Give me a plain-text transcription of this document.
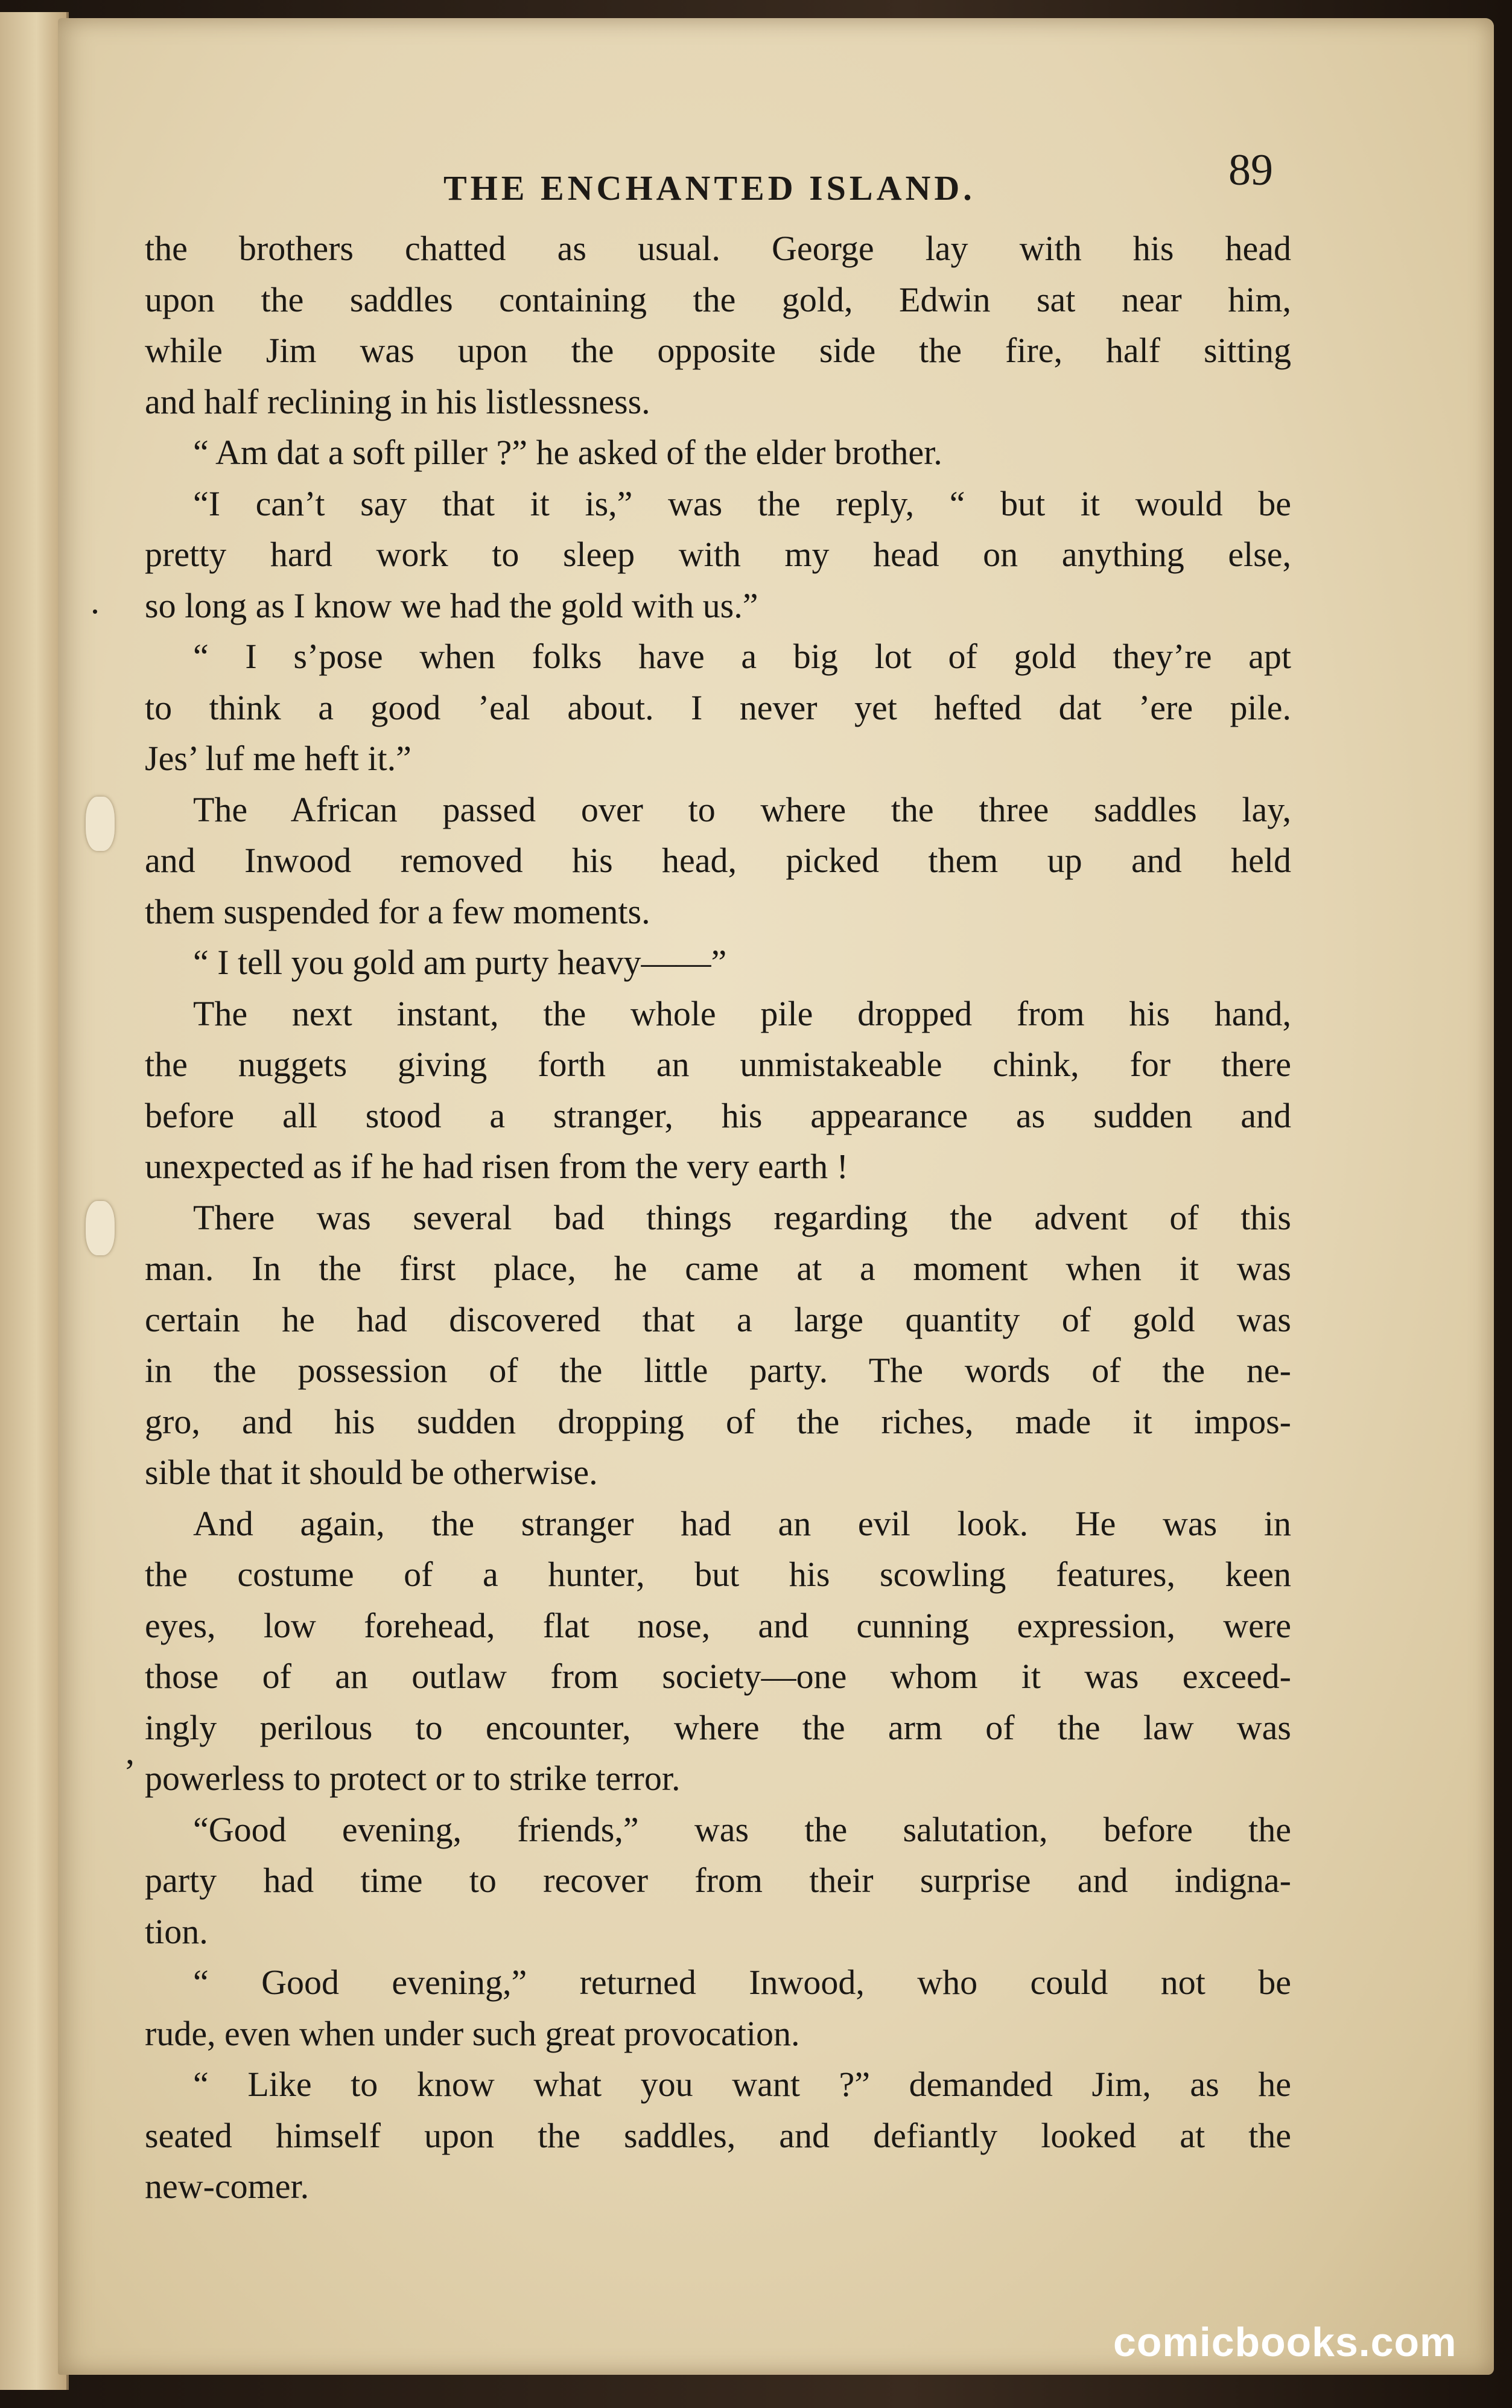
THE ENCHANTED ISLAND.	89
the brothers chatted as usual. George lay with his head
upon the saddles containing the gold, Edwin sat near him,
while Jim was upon the opposite side the fire, half sitting
and half reclining in his listlessness.
“ Am dat a soft piller ?” he asked of the elder brother.
“I can’t say that it is,” was the reply, “ but it would be
pretty hard work to sleep with my head on anything else,
so long as I know we had the gold with us.”
“ I s’pose when folks have a big lot of gold they’re apt
to think a good ’eal about. I never yet hefted dat ’ere pile.
Jes’ luf me heft it.”
The African passed over to where the three saddles lay,
and Inwood removed his head, picked them up and held
them suspended for a few moments.
“ I tell you gold am purty heavy——”
The next instant, the whole pile dropped from his hand,
the nuggets giving forth an unmistakeable chink, for there
before all stood a stranger, his appearance as sudden and
unexpected as if he had risen from the very earth !
There was several bad things regarding the advent of this
man. In the first place, he came at a moment when it was
certain he had discovered that a large quantity of gold was
in the possession of the little party. The words of the ne-
gro, and his sudden dropping of the riches, made it impos-
sible that it should be otherwise.
And again, the stranger had an evil look. He was in
the costume of a hunter, but his scowling features, keen
eyes, low forehead, flat nose, and cunning expression, were
those of an outlaw from society—one whom it was exceed-
ingly perilous to encounter, where the arm of the law was
powerless to protect or to strike terror.
“Good evening, friends,” was the salutation, before the
party had time to recover from their surprise and indigna-
tion.
“ Good evening,” returned Inwood, who could not be
rude, even when under such great provocation.
“ Like to know what you want ?” demanded Jim, as he
seated himself upon the saddles, and defiantly looked at the
new-comer.
.
,
comicbooks.com
